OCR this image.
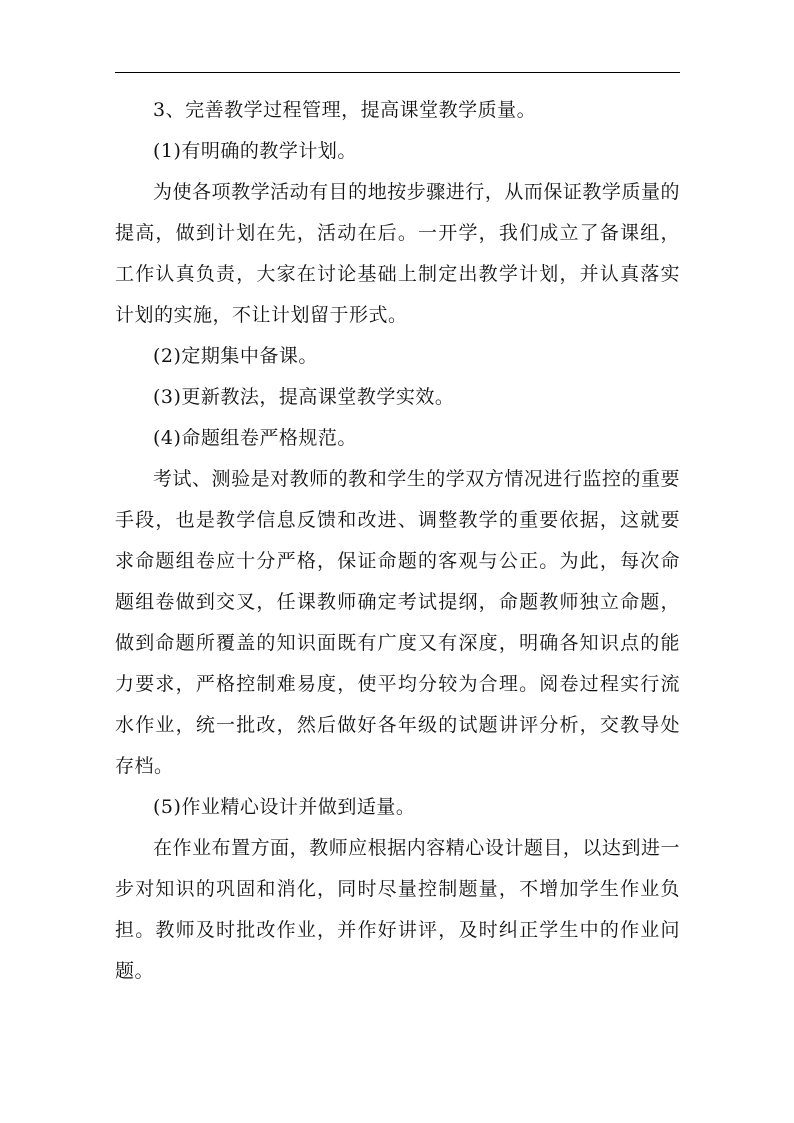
3、完善教学过程管理，提高课堂教学质量。

(1)有明确的教学计划。

为使各项教学活动有目的地按步骤进行，从而保证教学质量的提高，做到计划在先，活动在后。一开学，我们成立了备课组，工作认真负责，大家在讨论基础上制定出教学计划，并认真落实计划的实施，不让计划留于形式。

(2)定期集中备课。

(3)更新教法，提高课堂教学实效。

(4)命题组卷严格规范。

考试、测验是对教师的教和学生的学双方情况进行监控的重要手段，也是教学信息反馈和改进、调整教学的重要依据，这就要求命题组卷应十分严格，保证命题的客观与公正。为此，每次命题组卷做到交叉，任课教师确定考试提纲，命题教师独立命题，做到命题所覆盖的知识面既有广度又有深度，明确各知识点的能力要求，严格控制难易度，使平均分较为合理。阅卷过程实行流水作业，统一批改，然后做好各年级的试题讲评分析，交教导处存档。

(5)作业精心设计并做到适量。

在作业布置方面，教师应根据内容精心设计题目，以达到进一步对知识的巩固和消化，同时尽量控制题量，不增加学生作业负担。教师及时批改作业，并作好讲评，及时纠正学生中的作业问题。
